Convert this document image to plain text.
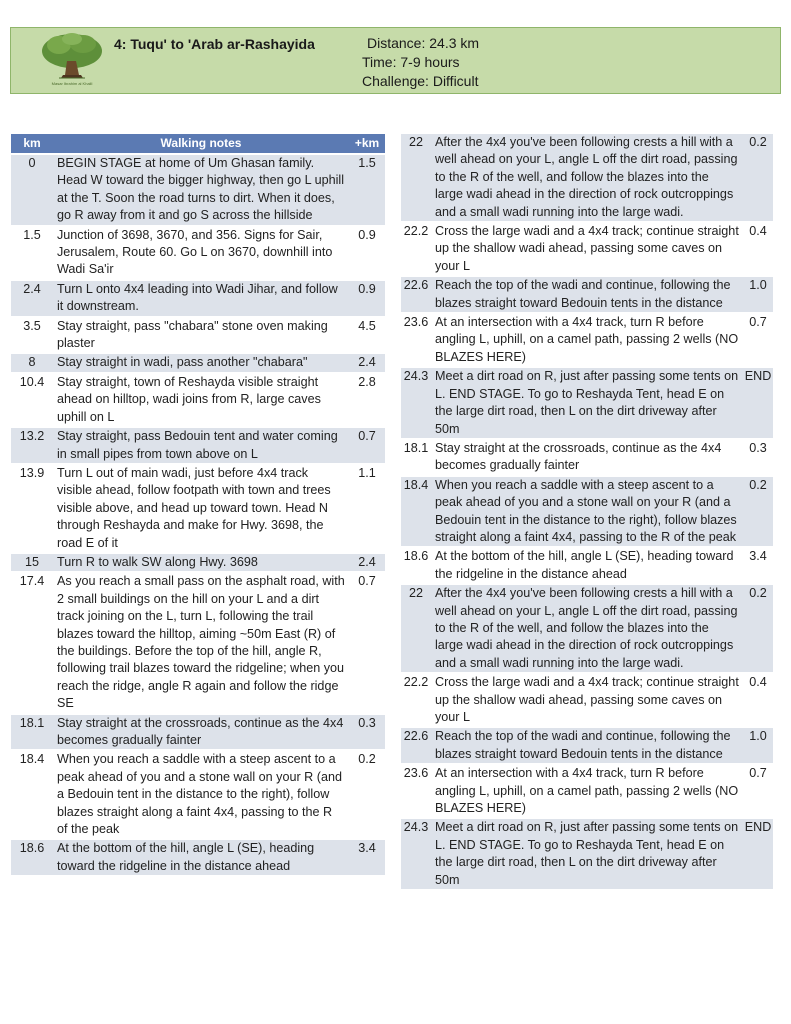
Masar Ibrahim al Khalil
4: Tuqu' to 'Arab ar-Rashayida	Distance: 24.3 km
Time: 7-9 hours
Challenge: Difficult
km	Walking notes	+km
0	BEGIN STAGE at home of Um Ghasan family. Head W toward the bigger highway, then go L uphill at the T. Soon the road turns to dirt. When it does, go R away from it and go S across the hillside	1.5
1.5	Junction of 3698, 3670, and 356. Signs for Sair, Jerusalem, Route 60. Go L on 3670, downhill into Wadi Sa'ir	0.9
2.4	Turn L onto 4x4 leading into Wadi Jihar, and follow it downstream.	0.9
3.5	Stay straight, pass "chabara" stone oven making plaster	4.5
8	Stay straight in wadi, pass another "chabara"	2.4
10.4	Stay straight, town of Reshayda visible straight ahead on hilltop, wadi joins from R, large caves uphill on L	2.8
13.2	Stay straight, pass Bedouin tent and water coming in small pipes from town above on L	0.7
13.9	Turn L out of main wadi, just before 4x4 track visible ahead, follow footpath with town and trees visible above, and head up toward town. Head N through Reshayda and make for Hwy. 3698, the road E of it	1.1
15	Turn R to walk SW along Hwy. 3698	2.4
17.4	As you reach a small pass on the asphalt road, with 2 small buildings on the hill on your L and a dirt track joining on the L, turn L, following the trail blazes toward the hilltop, aiming ~50m East (R) of the buildings. Before the top of the hill, angle R, following trail blazes toward the ridgeline; when you reach the ridge, angle R again and follow the ridge SE	0.7
18.1	Stay straight at the crossroads, continue as the 4x4 becomes gradually fainter	0.3
18.4	When you reach a saddle with a steep ascent to a peak ahead of you and a stone wall on your R (and a Bedouin tent in the distance to the right), follow blazes straight along a faint 4x4, passing to the R of the peak	0.2
18.6	At the bottom of the hill, angle L (SE), heading toward the ridgeline in the distance ahead	3.4
22	After the 4x4 you've been following crests a hill with a well ahead on your L, angle L off the dirt road, passing to the R of the well, and follow the blazes into the large wadi ahead in the direction of rock outcroppings and a small wadi running into the large wadi.	0.2
22.2	Cross the large wadi and a 4x4 track; continue straight up the shallow wadi ahead, passing some caves on your L	0.4
22.6	Reach the top of the wadi and continue, following the blazes straight toward Bedouin tents in the distance	1.0
23.6	At an intersection with a 4x4 track, turn R before angling L, uphill, on a camel path, passing 2 wells (NO BLAZES HERE)	0.7
24.3	Meet a dirt road on R, just after passing some tents on L. END STAGE. To go to Reshayda Tent, head E on the large dirt road, then L on the dirt driveway after 50m	END
18.1	Stay straight at the crossroads, continue as the 4x4 becomes gradually fainter	0.3
18.4	When you reach a saddle with a steep ascent to a peak ahead of you and a stone wall on your R (and a Bedouin tent in the distance to the right), follow blazes straight along a faint 4x4, passing to the R of the peak	0.2
18.6	At the bottom of the hill, angle L (SE), heading toward the ridgeline in the distance ahead	3.4
22	After the 4x4 you've been following crests a hill with a well ahead on your L, angle L off the dirt road, passing to the R of the well, and follow the blazes into the large wadi ahead in the direction of rock outcroppings and a small wadi running into the large wadi.	0.2
22.2	Cross the large wadi and a 4x4 track; continue straight up the shallow wadi ahead, passing some caves on your L	0.4
22.6	Reach the top of the wadi and continue, following the blazes straight toward Bedouin tents in the distance	1.0
23.6	At an intersection with a 4x4 track, turn R before angling L, uphill, on a camel path, passing 2 wells (NO BLAZES HERE)	0.7
24.3	Meet a dirt road on R, just after passing some tents on L. END STAGE. To go to Reshayda Tent, head E on the large dirt road, then L on the dirt driveway after 50m	END
